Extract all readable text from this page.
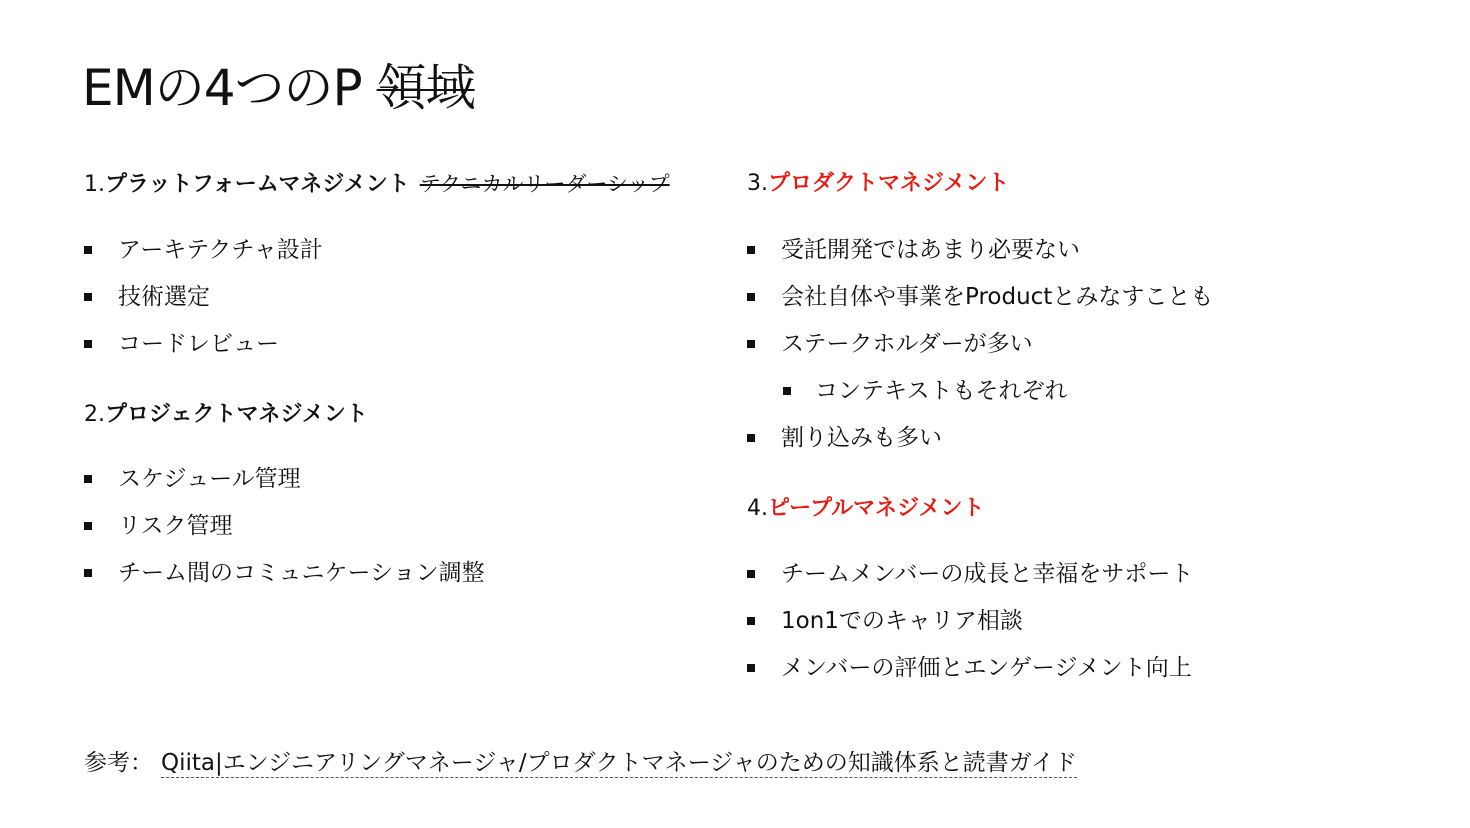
EMの4つのP 領域
1.プラットフォームマネジメント テクニカルリーダーシップ
アーキテクチャ設計
技術選定
コードレビュー
2.プロジェクトマネジメント
スケジュール管理
リスク管理
チーム間のコミュニケーション調整
3.プロダクトマネジメント
受託開発ではあまり必要ない
会社自体や事業をProductとみなすことも
ステークホルダーが多い
コンテキストもそれぞれ
割り込みも多い
4.ピープルマネジメント
チームメンバーの成長と幸福をサポート
1on1でのキャリア相談
メンバーの評価とエンゲージメント向上
参考： Qiita|エンジニアリングマネージャ/プロダクトマネージャのための知識体系と読書ガイド
